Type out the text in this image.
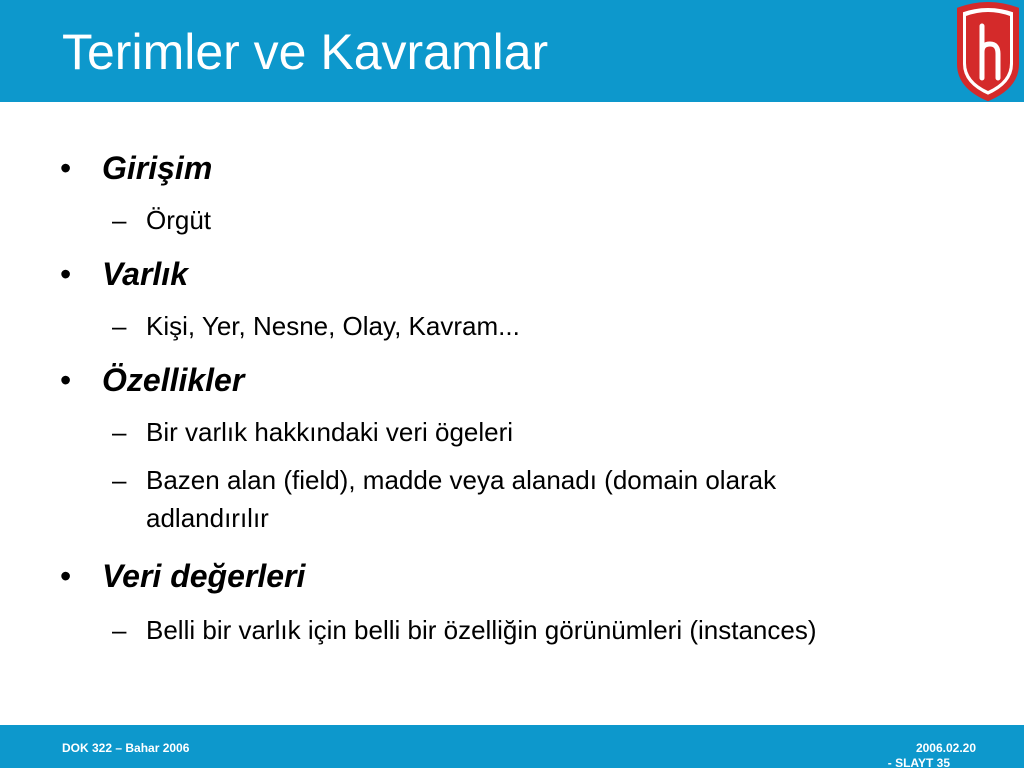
Terimler ve Kavramlar
• Girişim
– Örgüt
• Varlık
– Kişi, Yer, Nesne, Olay, Kavram...
• Özellikler
– Bir varlık hakkındaki veri ögeleri
– Bazen alan (field), madde veya alanadı (domain olarak adlandırılır
• Veri değerleri
– Belli bir varlık için belli bir özelliğin görünümleri (instances)
DOK 322 – Bahar 2006	2006.02.20
- SLAYT 35
